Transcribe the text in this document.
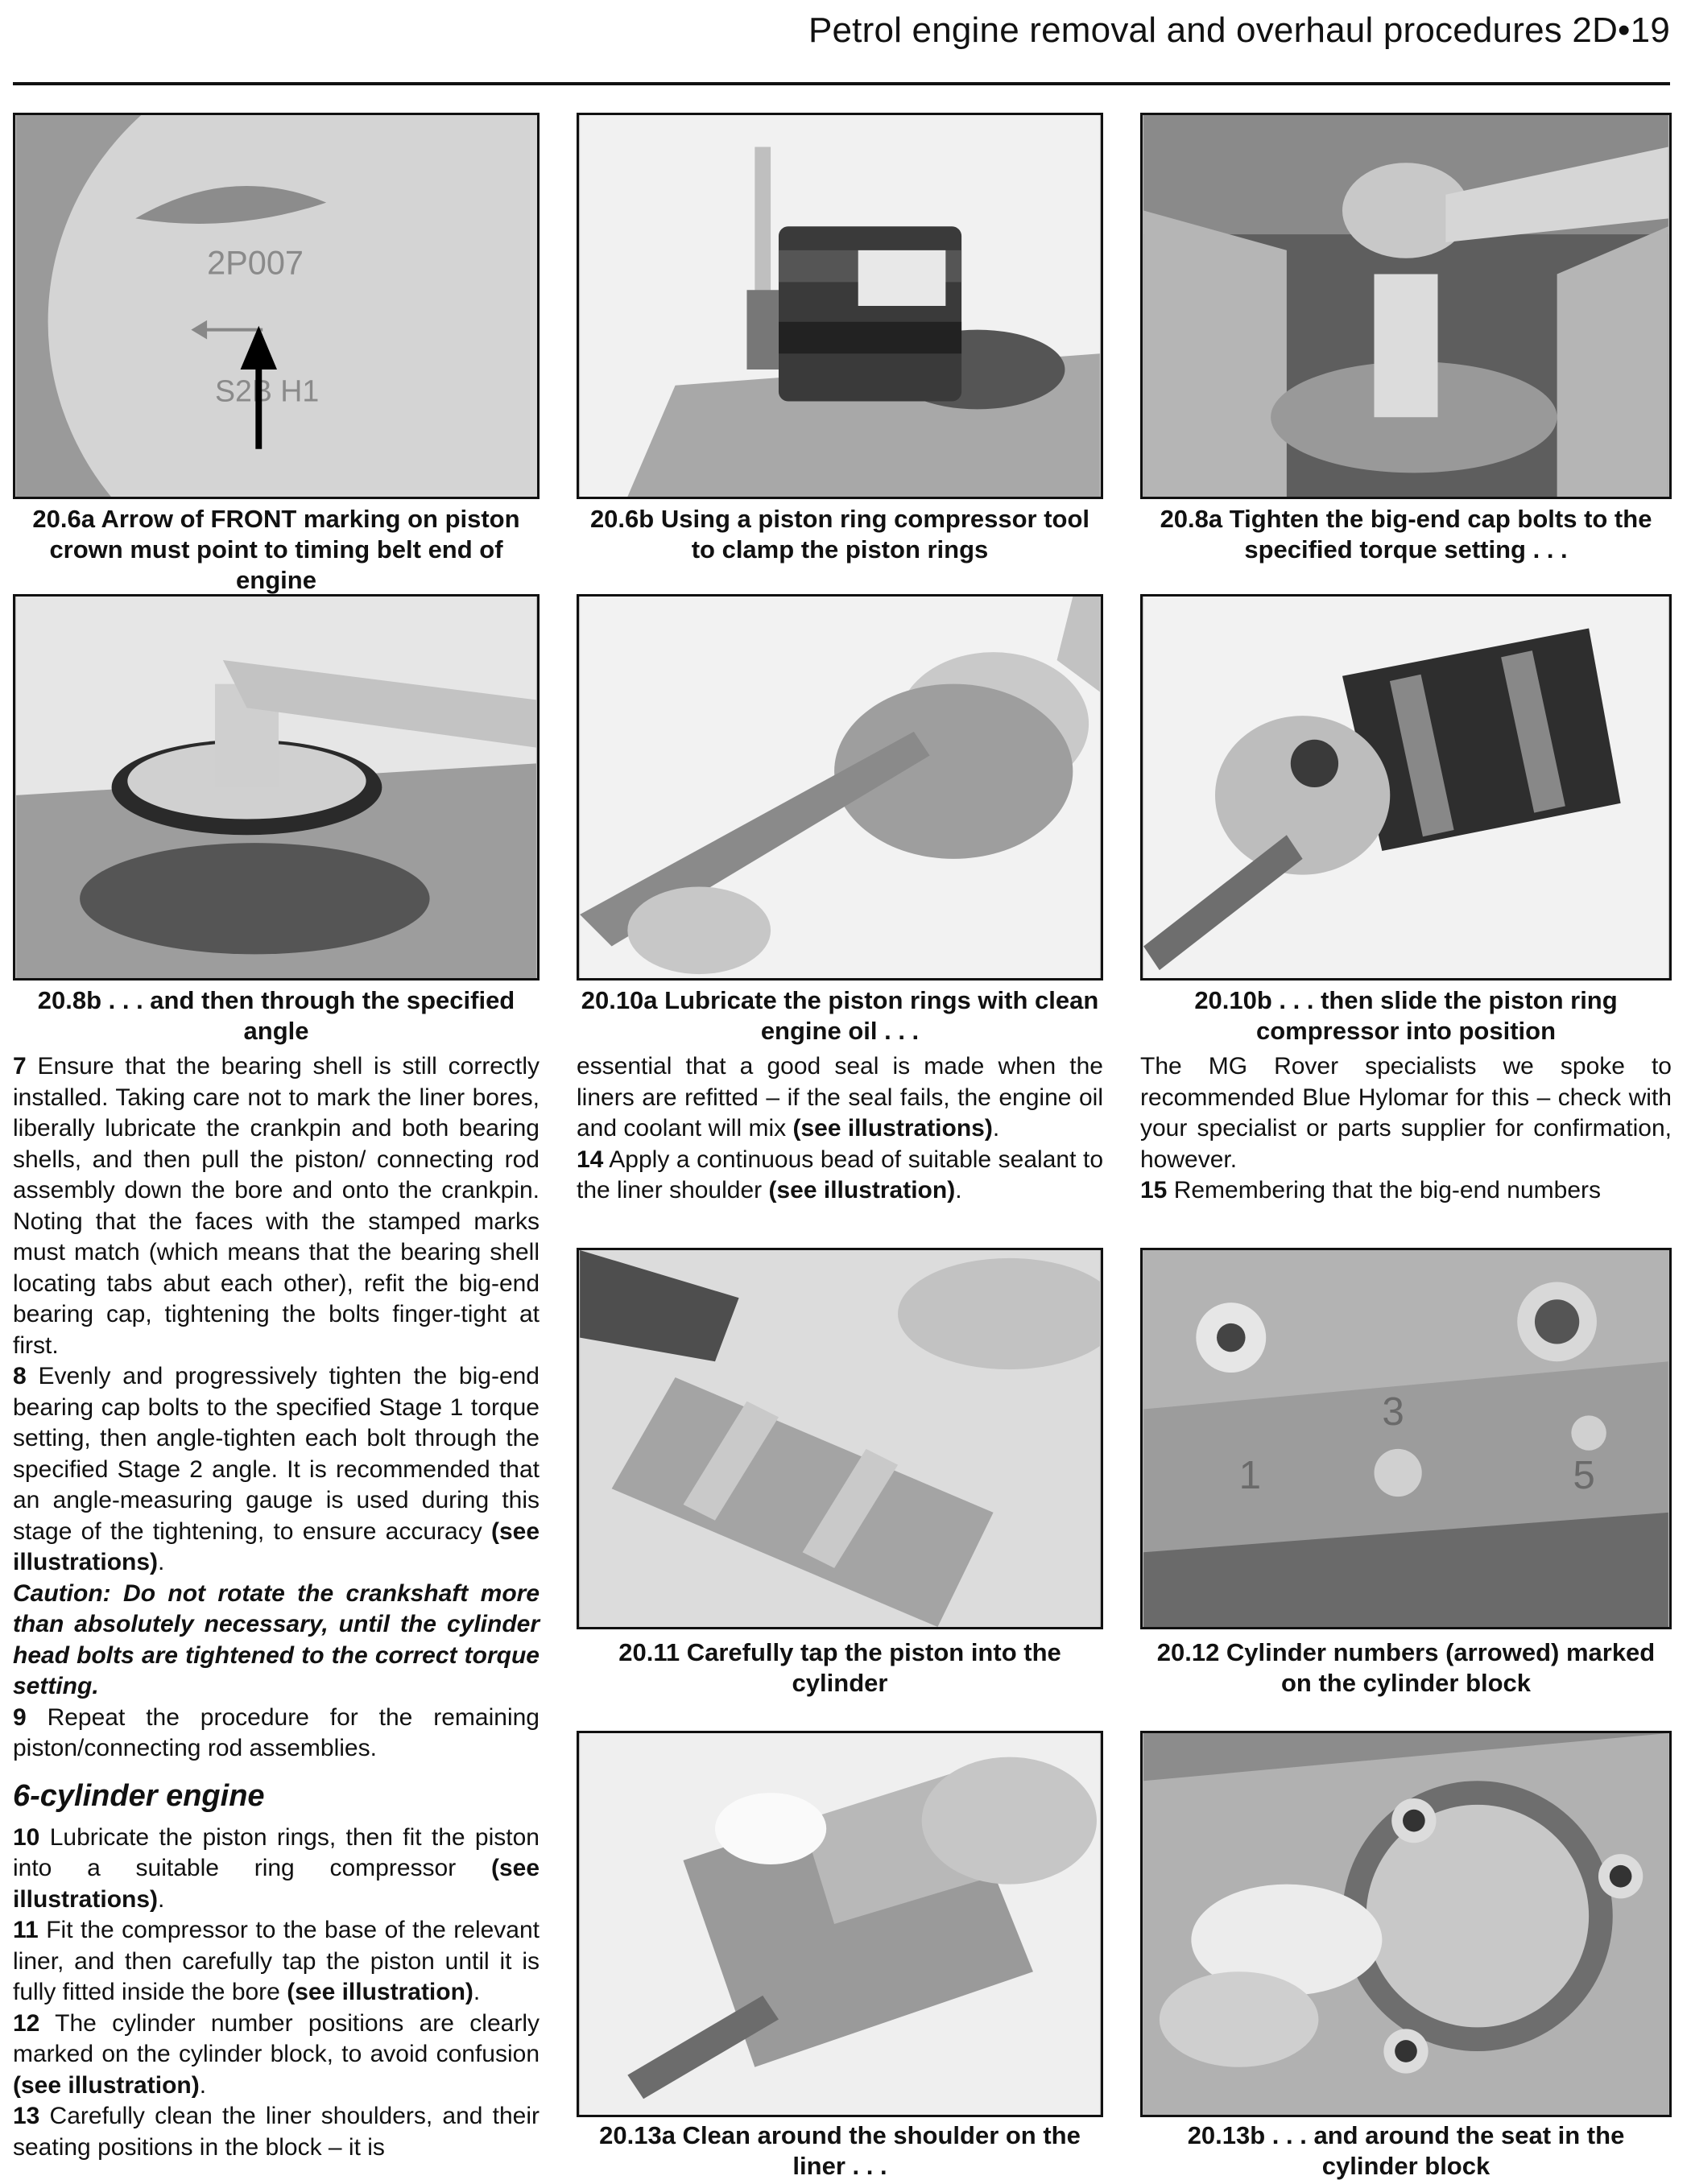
Petrol engine removal and overhaul procedures 2D•19
2P007
S2B H1
20.6a Arrow of FRONT marking on piston crown must point to timing belt end of engine
20.6b Using a piston ring compressor tool to clamp the piston rings
20.8a Tighten the big-end cap bolts to the specified torque setting . . .
20.8b . . . and then through the specified angle
20.10a Lubricate the piston rings with clean engine oil . . .
20.10b . . . then slide the piston ring compressor into position

7 Ensure that the bearing shell is still correctly installed. Taking care not to mark the liner bores, liberally lubricate the crankpin and both bearing shells, and then pull the piston/ connecting rod assembly down the bore and onto the crankpin. Noting that the faces with the stamped marks must match (which means that the bearing shell locating tabs abut each other), refit the big-end bearing cap, tightening the bolts finger-tight at first.

8 Evenly and progressively tighten the big-end bearing cap bolts to the specified Stage 1 torque setting, then angle-tighten each bolt through the specified Stage 2 angle. It is recommended that an angle-measuring gauge is used during this stage of the tightening, to ensure accuracy (see illustrations).

Caution: Do not rotate the crankshaft more than absolutely necessary, until the cylinder head bolts are tightened to the correct torque setting.

9 Repeat the procedure for the remaining piston/connecting rod assemblies.

6-cylinder engine

10 Lubricate the piston rings, then fit the piston into a suitable ring compressor (see illustrations).

11 Fit the compressor to the base of the relevant liner, and then carefully tap the piston until it is fully fitted inside the bore (see illustration).

12 The cylinder number positions are clearly marked on the cylinder block, to avoid confusion (see illustration).

13 Carefully clean the liner shoulders, and their seating positions in the block – it is

essential that a good seal is made when the liners are refitted – if the seal fails, the engine oil and coolant will mix (see illustrations).

14 Apply a continuous bead of suitable sealant to the liner shoulder (see illustration).

The MG Rover specialists we spoke to recommended Blue Hylomar for this – check with your specialist or parts supplier for confirmation, however.

15 Remembering that the big-end numbers

1
3
5
20.11 Carefully tap the piston into the cylinder
20.12 Cylinder numbers (arrowed) marked on the cylinder block
20.13a Clean around the shoulder on the liner . . .
20.13b . . . and around the seat in the cylinder block
